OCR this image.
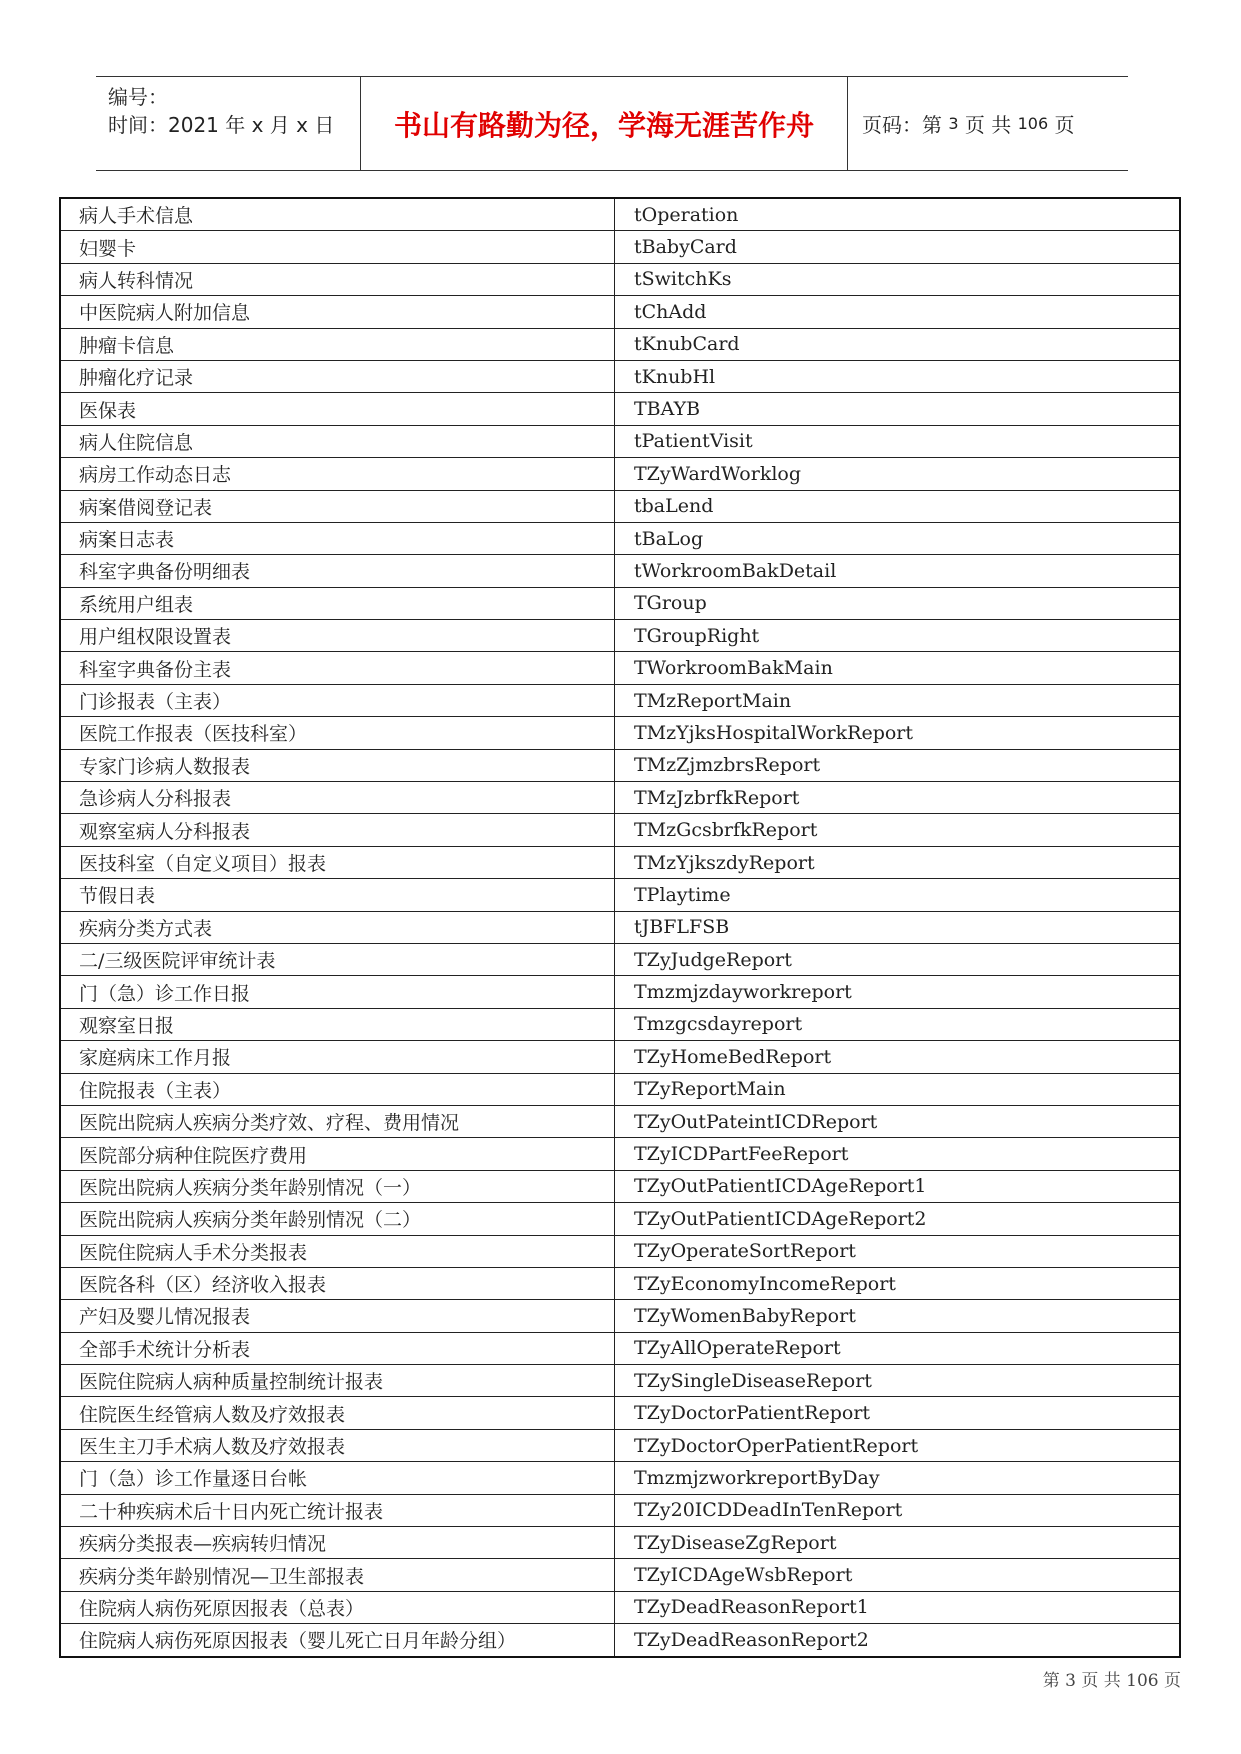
编号：
时间：2021 年 x 月 x 日	书山有路勤为径，学海无涯苦作舟	页码：第
3
页 共
106
页
病人手术信息	tOperation
妇婴卡	tBabyCard
病人转科情况	tSwitchKs
中医院病人附加信息	tChAdd
肿瘤卡信息	tKnubCard
肿瘤化疗记录	tKnubHl
医保表	TBAYB
病人住院信息	tPatientVisit
病房工作动态日志	TZyWardWorklog
病案借阅登记表	tbaLend
病案日志表	tBaLog
科室字典备份明细表	tWorkroomBakDetail
系统用户组表	TGroup
用户组权限设置表	TGroupRight
科室字典备份主表	TWorkroomBakMain
门诊报表（主表）	TMzReportMain
医院工作报表（医技科室）	TMzYjksHospitalWorkReport
专家门诊病人数报表	TMzZjmzbrsReport
急诊病人分科报表	TMzJzbrfkReport
观察室病人分科报表	TMzGcsbrfkReport
医技科室（自定义项目）报表	TMzYjkszdyReport
节假日表	TPlaytime
疾病分类方式表	tJBFLFSB
二/三级医院评审统计表	TZyJudgeReport
门（急）诊工作日报	Tmzmjzdayworkreport
观察室日报	Tmzgcsdayreport
家庭病床工作月报	TZyHomeBedReport
住院报表（主表）	TZyReportMain
医院出院病人疾病分类疗效、疗程、费用情况	TZyOutPateintICDReport
医院部分病种住院医疗费用	TZyICDPartFeeReport
医院出院病人疾病分类年龄别情况（一）	TZyOutPatientICDAgeReport1
医院出院病人疾病分类年龄别情况（二）	TZyOutPatientICDAgeReport2
医院住院病人手术分类报表	TZyOperateSortReport
医院各科（区）经济收入报表	TZyEconomyIncomeReport
产妇及婴儿情况报表	TZyWomenBabyReport
全部手术统计分析表	TZyAllOperateReport
医院住院病人病种质量控制统计报表	TZySingleDiseaseReport
住院医生经管病人数及疗效报表	TZyDoctorPatientReport
医生主刀手术病人数及疗效报表	TZyDoctorOperPatientReport
门（急）诊工作量逐日台帐	TmzmjzworkreportByDay
二十种疾病术后十日内死亡统计报表	TZy20ICDDeadInTenReport
疾病分类报表—疾病转归情况	TZyDiseaseZgReport
疾病分类年龄别情况—卫生部报表	TZyICDAgeWsbReport
住院病人病伤死原因报表（总表）	TZyDeadReasonReport1
住院病人病伤死原因报表（婴儿死亡日月年龄分组）	TZyDeadReasonReport2
第 3 页 共 106 页
